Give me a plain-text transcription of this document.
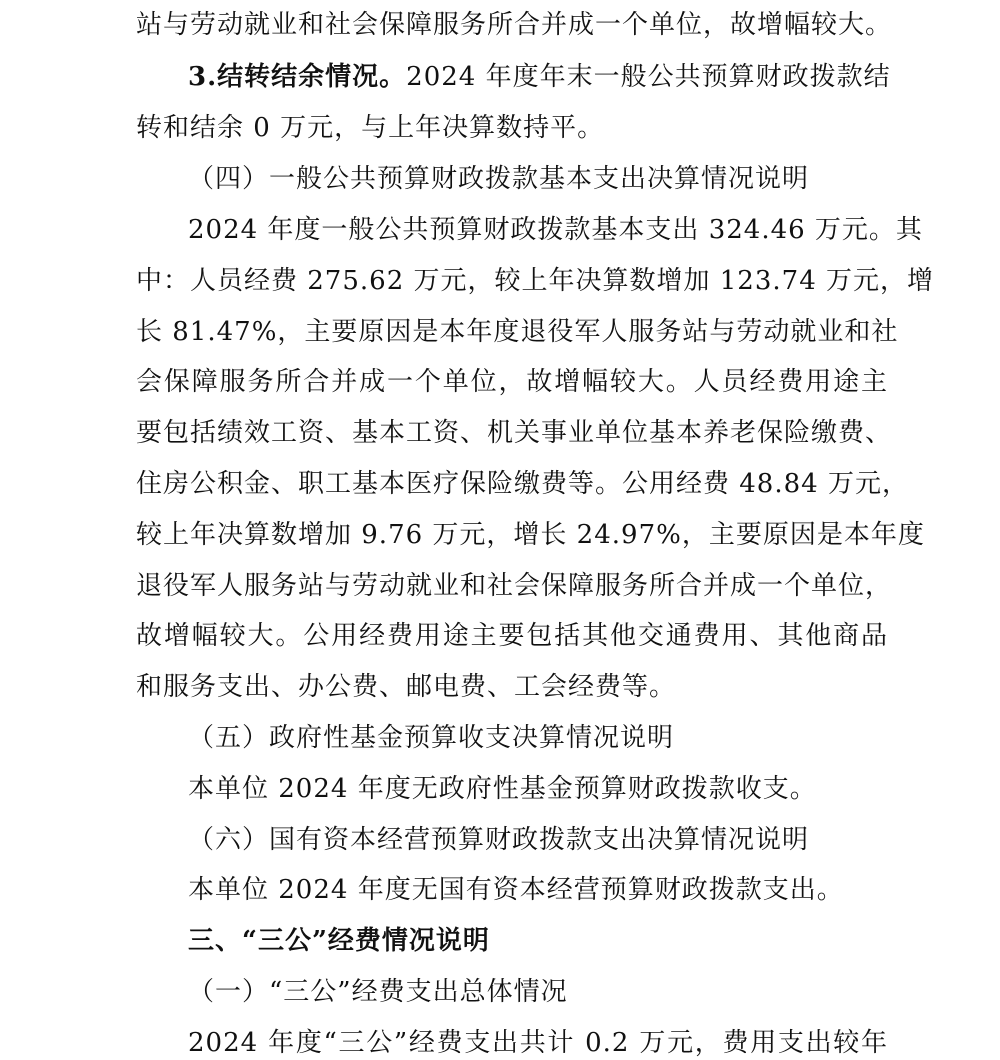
站与劳动就业和社会保障服务所合并成一个单位，故增幅较大。
3.结转结余情况。2024 年度年末一般公共预算财政拨款结
转和结余 0 万元，与上年决算数持平。
（四）一般公共预算财政拨款基本支出决算情况说明
2024 年度一般公共预算财政拨款基本支出 324.46 万元。其
中：人员经费 275.62 万元，较上年决算数增加 123.74 万元，增
长 81.47%，主要原因是本年度退役军人服务站与劳动就业和社
会保障服务所合并成一个单位，故增幅较大。人员经费用途主
要包括绩效工资、基本工资、机关事业单位基本养老保险缴费、
住房公积金、职工基本医疗保险缴费等。公用经费 48.84 万元，
较上年决算数增加 9.76 万元，增长 24.97%，主要原因是本年度
退役军人服务站与劳动就业和社会保障服务所合并成一个单位，
故增幅较大。公用经费用途主要包括其他交通费用、其他商品
和服务支出、办公费、邮电费、工会经费等。
（五）政府性基金预算收支决算情况说明
本单位 2024 年度无政府性基金预算财政拨款收支。
（六）国有资本经营预算财政拨款支出决算情况说明
本单位 2024 年度无国有资本经营预算财政拨款支出。
三、“三公”经费情况说明
（一）“三公”经费支出总体情况
2024 年度“三公”经费支出共计 0.2 万元，费用支出较年
